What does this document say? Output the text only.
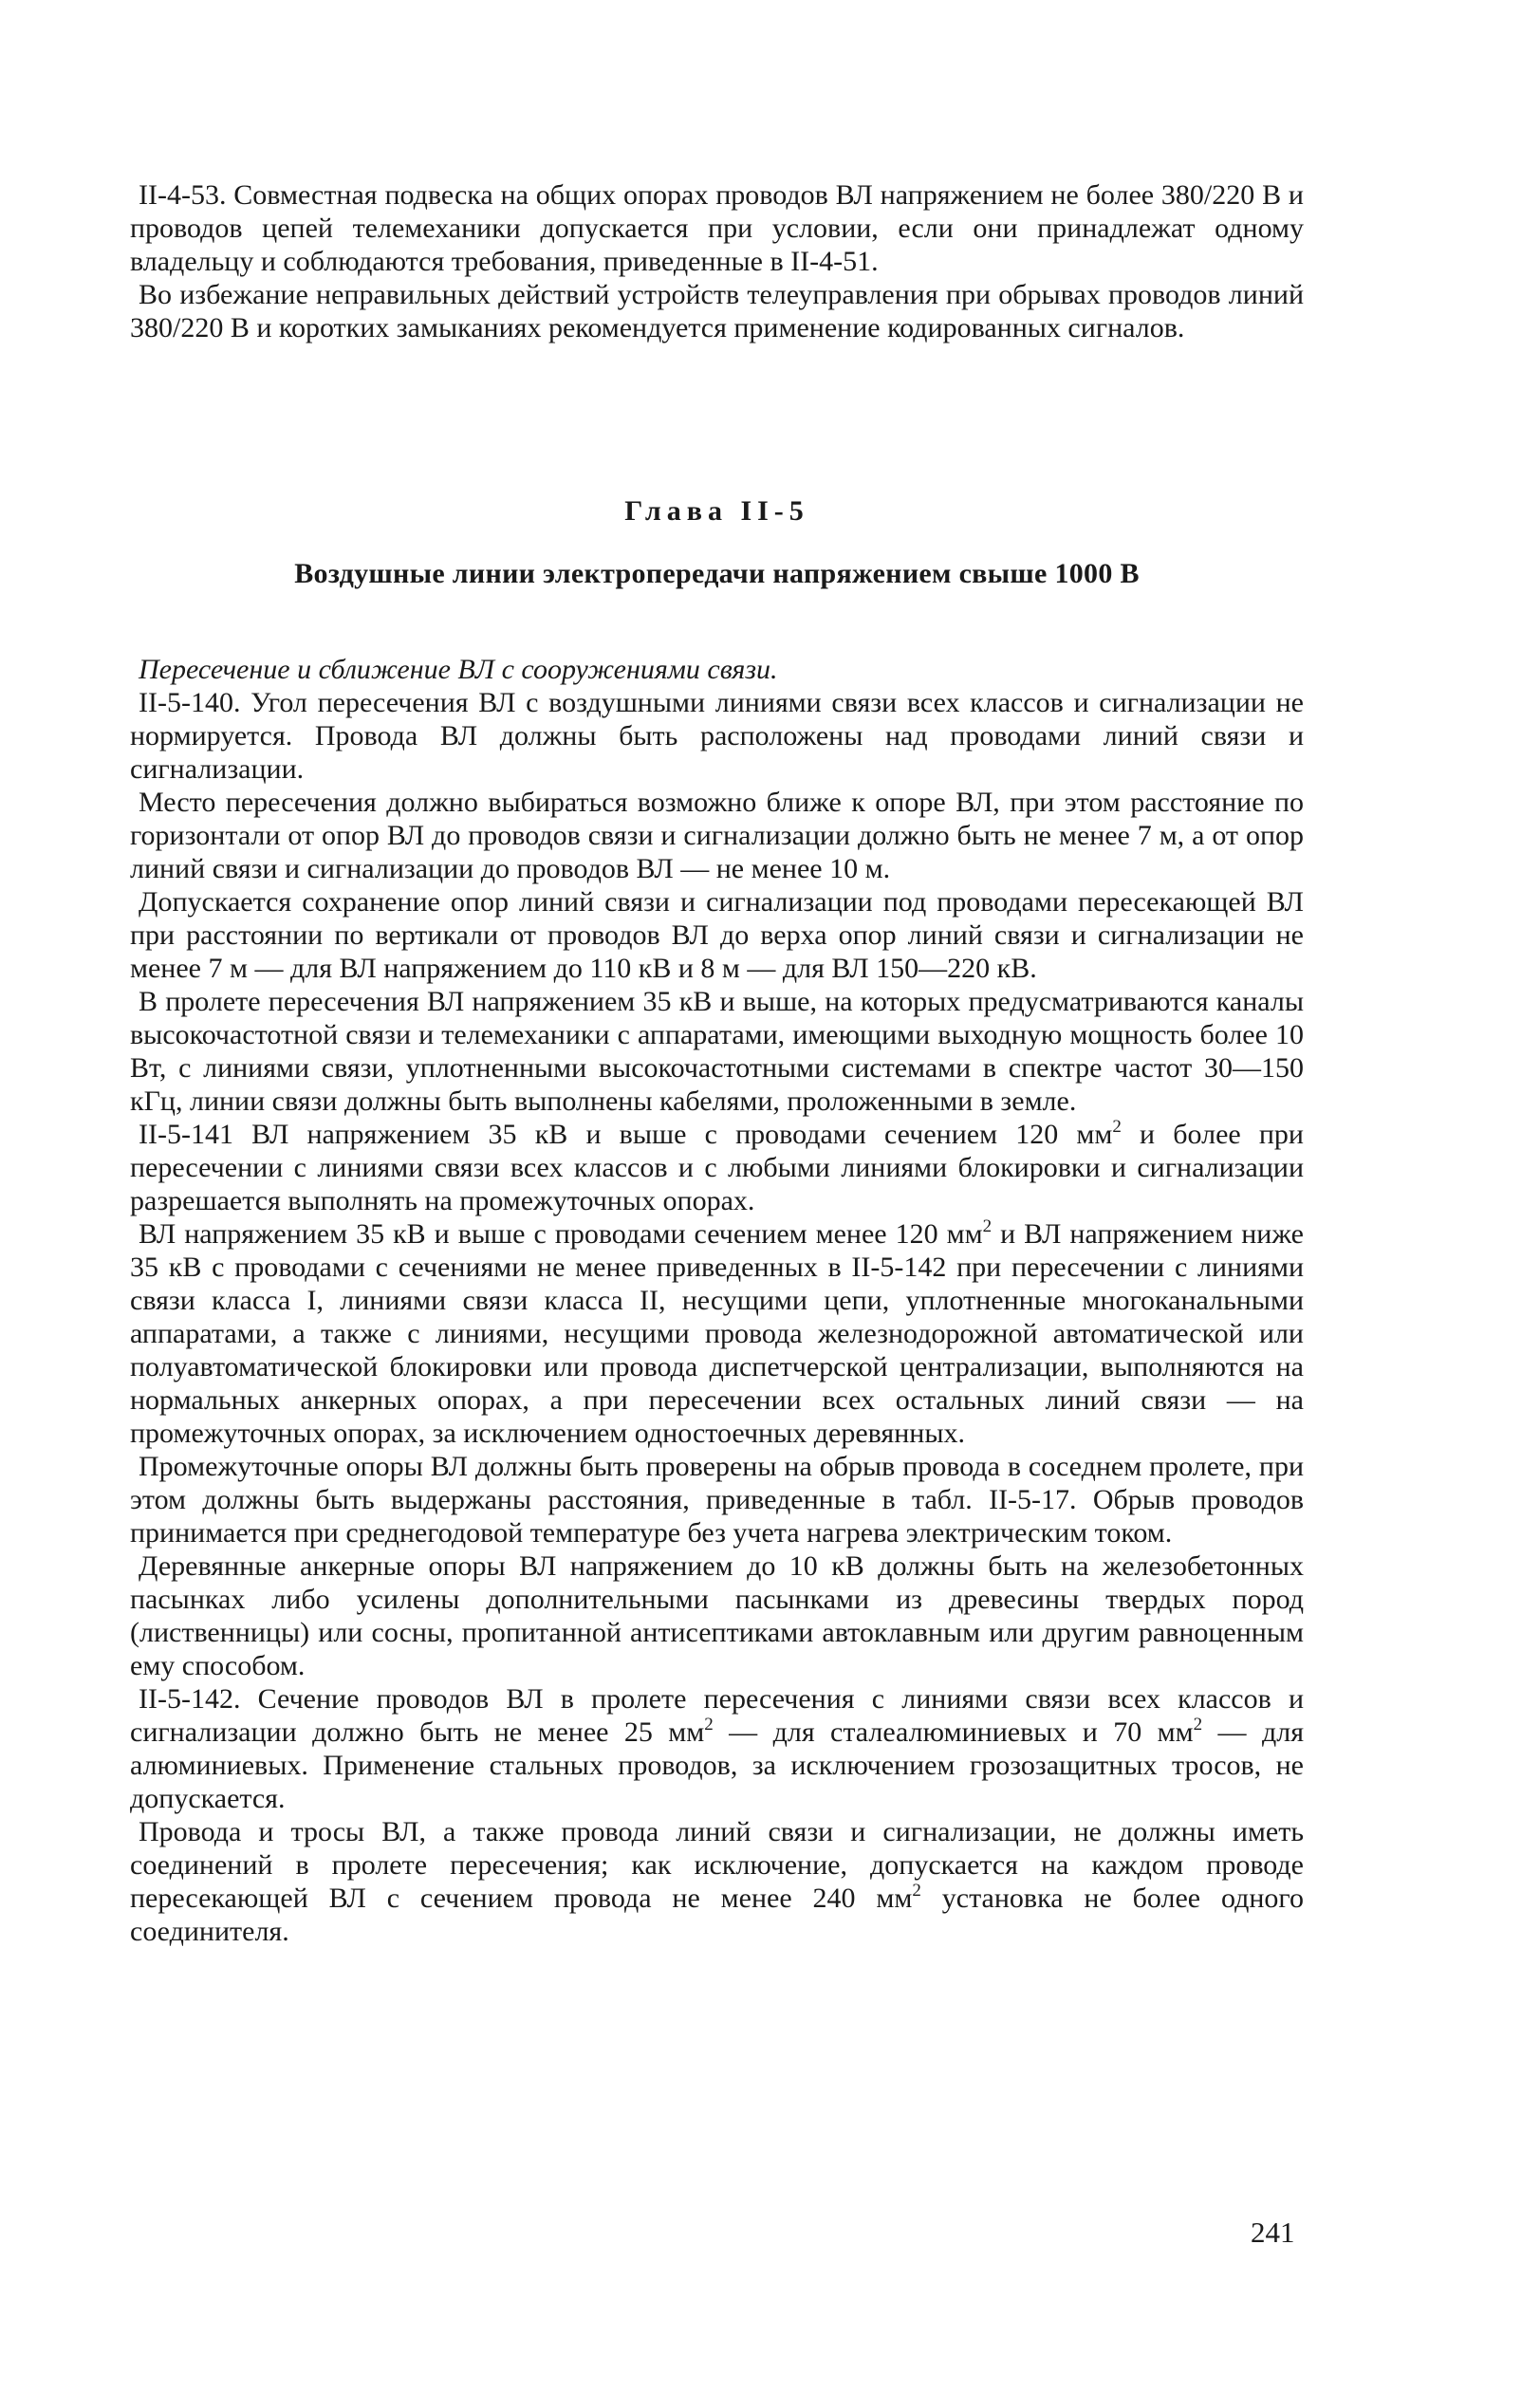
II-4-53. Совместная подвеска на общих опорах проводов ВЛ напряжением не более 380/220 В и проводов цепей телемеханики допускается при условии, если они принадлежат одному владельцу и соблюдаются требования, приведенные в II-4-51.

Во избежание неправильных действий устройств телеуправления при обрывах проводов линий 380/220 В и коротких замыканиях рекомендуется применение кодированных сигналов.

Глава II-5
Воздушные линии электропередачи напряжением свыше 1000 В

Пересечение и сближение ВЛ с сооружениями связи.

II-5-140. Угол пересечения ВЛ с воздушными линиями связи всех классов и сигнализации не нормируется. Провода ВЛ должны быть расположены над проводами линий связи и сигнализации.

Место пересечения должно выбираться возможно ближе к опоре ВЛ, при этом расстояние по горизонтали от опор ВЛ до проводов связи и сигнализации должно быть не менее 7 м, а от опор линий связи и сигнализации до проводов ВЛ — не менее 10 м.

Допускается сохранение опор линий связи и сигнализации под проводами пересекающей ВЛ при расстоянии по вертикали от проводов ВЛ до верха опор линий связи и сигнализации не менее 7 м — для ВЛ напряжением до 110 кВ и 8 м — для ВЛ 150—220 кВ.

В пролете пересечения ВЛ напряжением 35 кВ и выше, на которых предусматриваются каналы высокочастотной связи и телемеханики с аппаратами, имеющими выходную мощность более 10 Вт, с линиями связи, уплотненными высокочастотными системами в спектре частот 30—150 кГц, линии связи должны быть выполнены кабелями, проложенными в земле.

II-5-141 ВЛ напряжением 35 кВ и выше с проводами сечением 120 $мм^2$ и более при пересечении с линиями связи всех классов и с любыми линиями блокировки и сигнализации разрешается выполнять на промежуточных опорах.

ВЛ напряжением 35 кВ и выше с проводами сечением менее 120 $мм^2$ и ВЛ напряжением ниже 35 кВ с проводами с сечениями не менее приведенных в II-5-142 при пересечении с линиями связи класса I, линиями связи класса II, несущими цепи, уплотненные многоканальными аппаратами, а также с линиями, несущими провода железнодорожной автоматической или полуавтоматической блокировки или провода диспетчерской централизации, выполняются на нормальных анкерных опорах, а при пересечении всех остальных линий связи — на промежуточных опорах, за исключением одностоечных деревянных.

Промежуточные опоры ВЛ должны быть проверены на обрыв провода в соседнем пролете, при этом должны быть выдержаны расстояния, приведенные в табл. II-5-17. Обрыв проводов принимается при среднегодовой температуре без учета нагрева электрическим током.

Деревянные анкерные опоры ВЛ напряжением до 10 кВ должны быть на железобетонных пасынках либо усилены дополнительными пасынками из древесины твердых пород (лиственницы) или сосны, пропитанной антисептиками автоклавным или другим равноценным ему способом.

II-5-142. Сечение проводов ВЛ в пролете пересечения с линиями связи всех классов и сигнализации должно быть не менее 25 $мм^2$ — для сталеалюминиевых и 70 $мм^2$ — для алюминиевых. Применение стальных проводов, за исключением грозозащитных тросов, не допускается.

Провода и тросы ВЛ, а также провода линий связи и сигнализации, не должны иметь соединений в пролете пересечения; как исключение, допускается на каждом проводе пересекающей ВЛ с сечением провода не менее 240 $мм^2$ установка не более одного соединителя.

241
